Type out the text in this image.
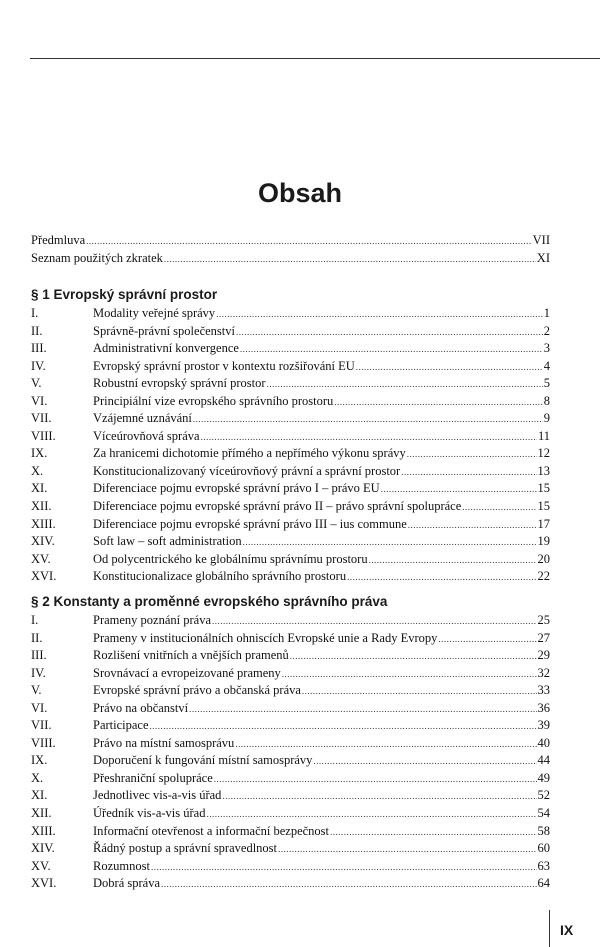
Obsah
Předmluva .....	VII
Seznam použitých zkratek .....	XI
§ 1 Evropský správní prostor
I.	Modality veřejné správy .....	1
II.	Správně-právní společenství .....	2
III.	Administrativní konvergence .....	3
IV.	Evropský správní prostor v kontextu rozšiřování EU .....	4
V.	Robustní evropský správní prostor .....	5
VI.	Principiální vize evropského správního prostoru .....	8
VII.	Vzájemné uznávání .....	9
VIII.	Víceúrovňová správa .....	11
IX.	Za hranicemi dichotomie přímého a nepřímého výkonu správy .....	12
X.	Konstitucionalizovaný víceúrovňový právní a správní prostor .....	13
XI.	Diferenciace pojmu evropské správní právo I – právo EU .....	15
XII.	Diferenciace pojmu evropské správní právo II – právo správní spolupráce .....	15
XIII.	Diferenciace pojmu evropské správní právo III – ius commune .....	17
XIV.	Soft law – soft administration .....	19
XV.	Od polycentrického ke globálnímu správnímu prostoru .....	20
XVI.	Konstitucionalizace globálního správního prostoru .....	22
§ 2 Konstanty a proměnné evropského správního práva
I.	Prameny poznání práva .....	25
II.	Prameny v institucionálních ohniscích Evropské unie a Rady Evropy .....	27
III.	Rozlišení vnitřních a vnějších pramenů .....	29
IV.	Srovnávací a evropeizované prameny .....	32
V.	Evropské správní právo a občanská práva .....	33
VI.	Právo na občanství .....	36
VII.	Participace .....	39
VIII.	Právo na místní samosprávu .....	40
IX.	Doporučení k fungování místní samosprávy .....	44
X.	Přeshraniční spolupráce .....	49
XI.	Jednotlivec vis-a-vis úřad .....	52
XII.	Úředník vis-a-vis úřad .....	54
XIII.	Informační otevřenost a informační bezpečnost .....	58
XIV.	Řádný postup a správní spravedlnost .....	60
XV.	Rozumnost .....	63
XVI.	Dobrá správa .....	64
IX
